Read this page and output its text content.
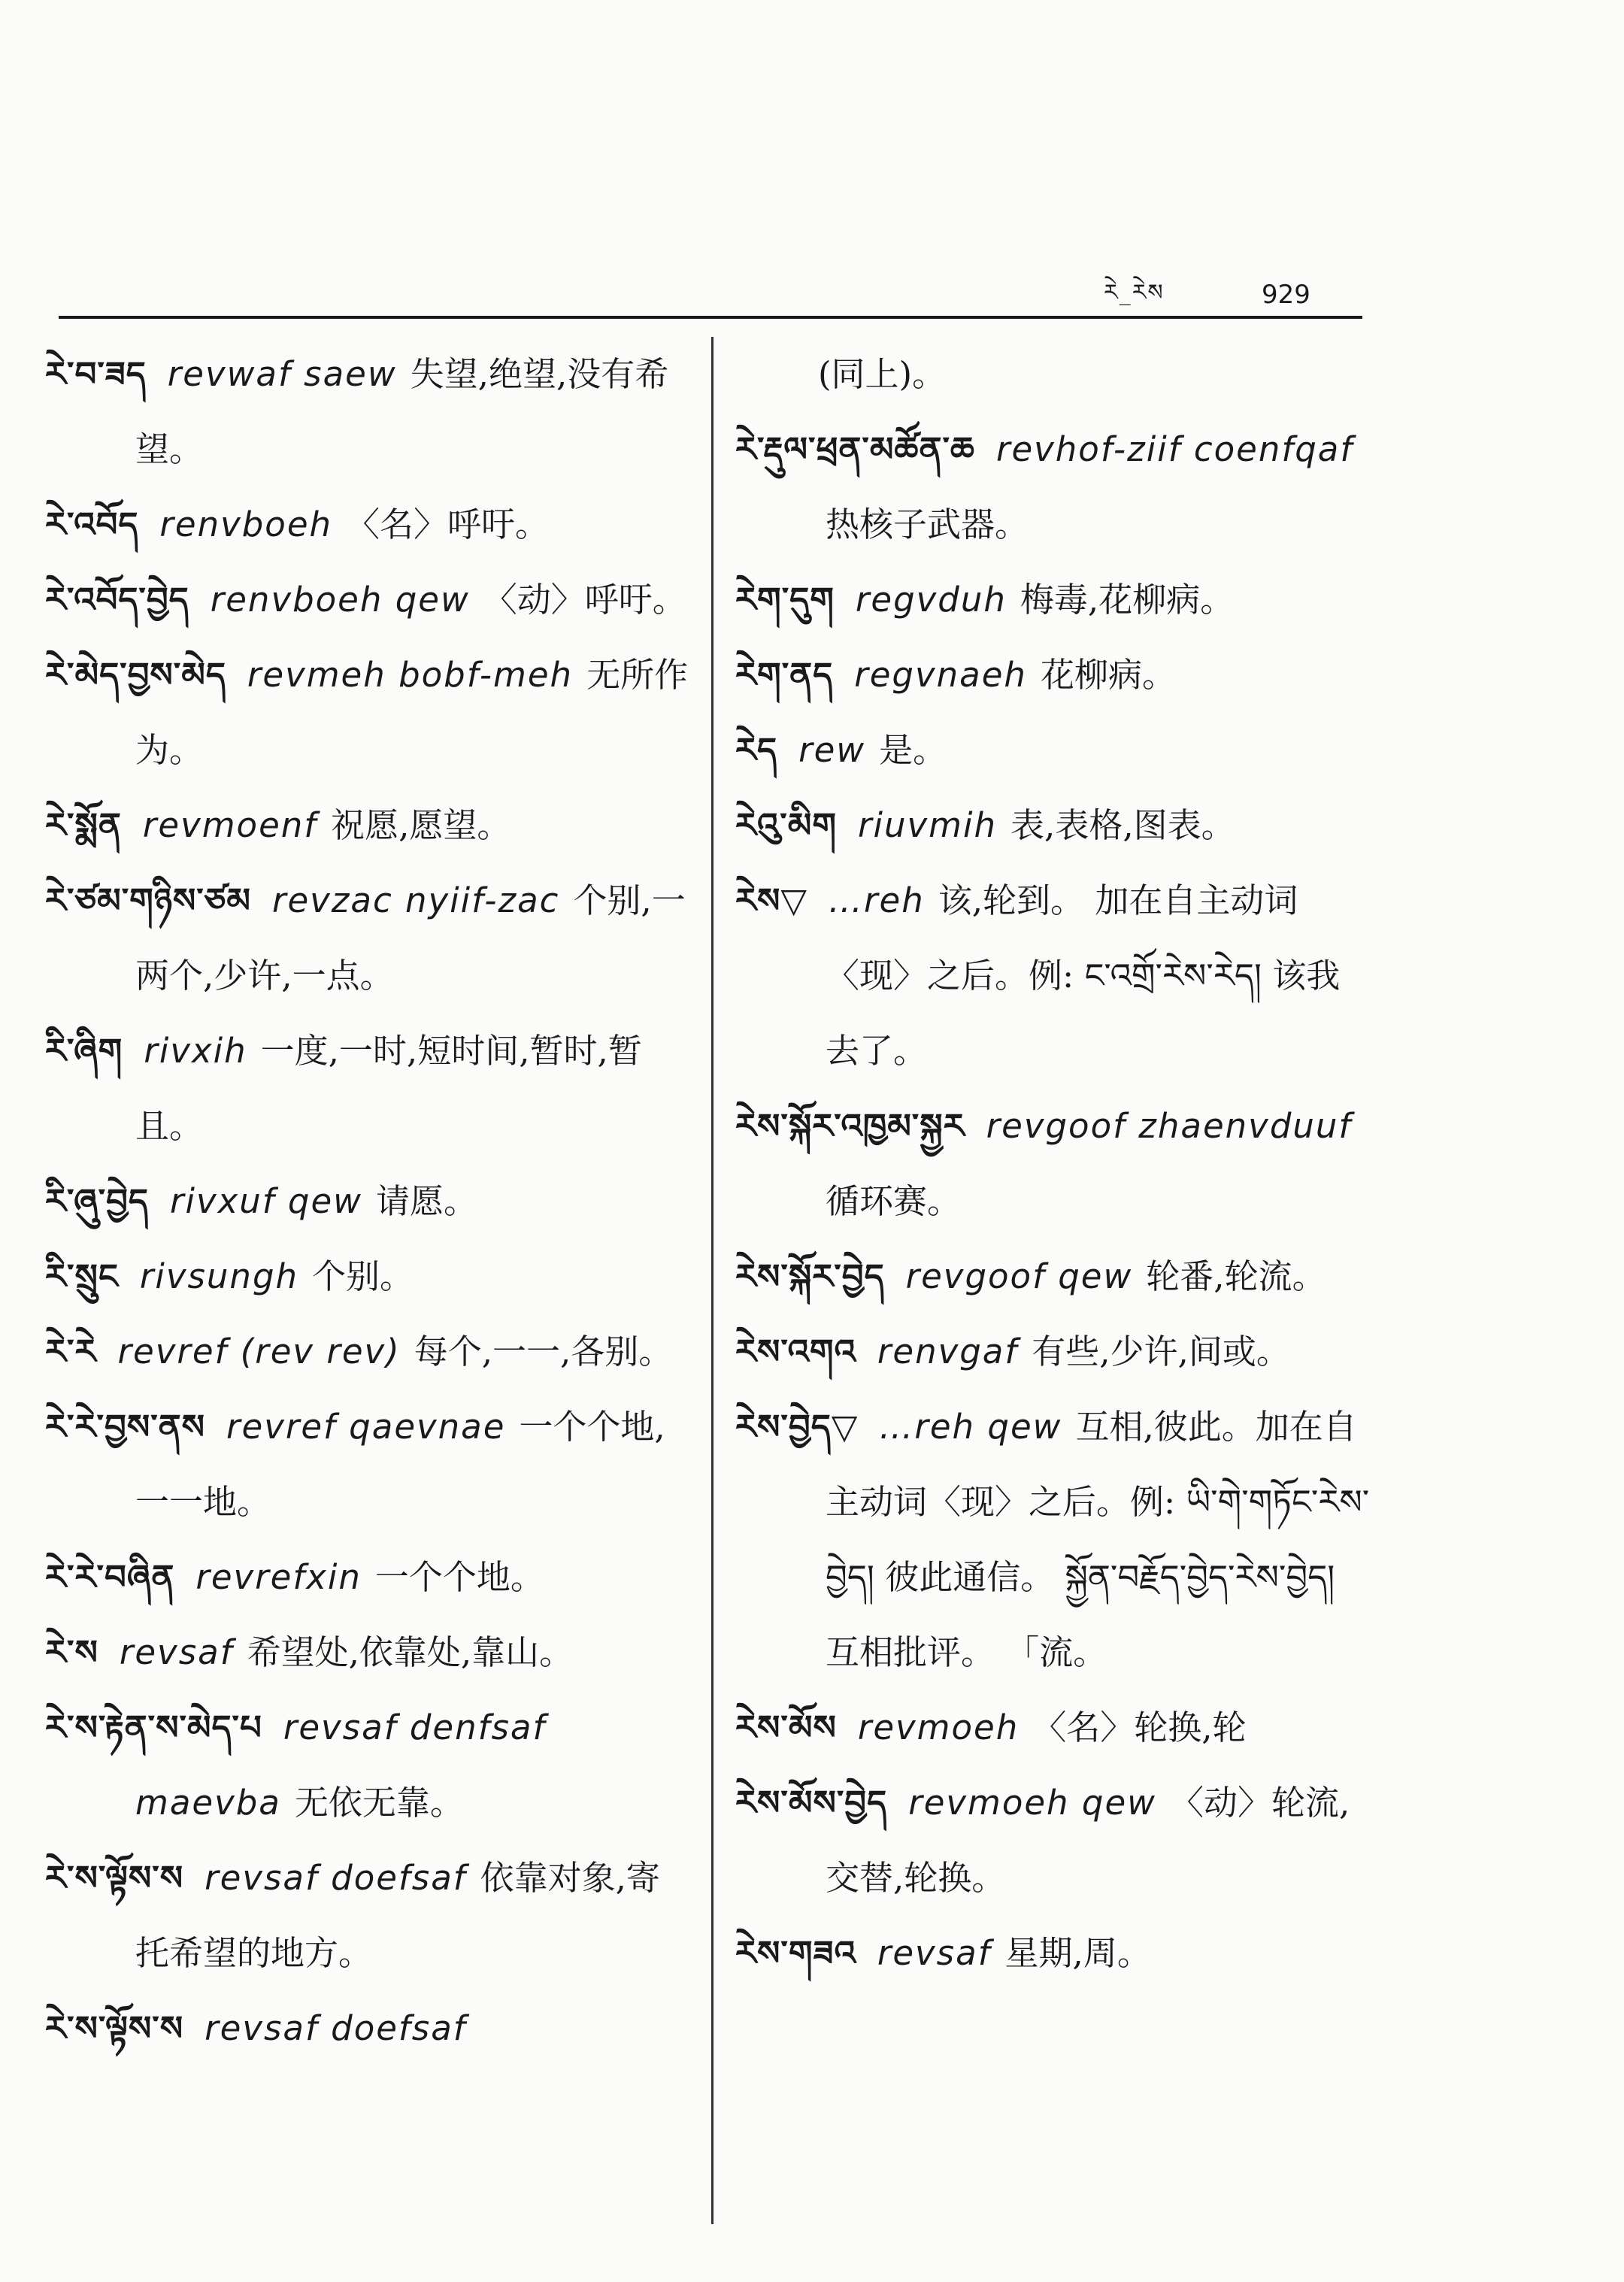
རེ_རེས	929

རེ་བ་ཟད revwaf saew 失望,绝望,没有希望。

རེ་འབོད renvboeh 〈名〉呼吁。

རེ་འབོད་བྱེད renvboeh qew 〈动〉呼吁。

རེ་མེད་བྱས་མེད revmeh bobf-meh 无所作为。

རེ་སྨོན revmoenf 祝愿,愿望。

རེ་ཙམ་གཉིས་ཙམ revzac nyiif-zac 个别,一两个,少许,一点。

རི་ཞིག rivxih 一度,一时,短时间,暂时,暂且。

རི་ཞུ་བྱེད rivxuf qew 请愿。

རི་སྲུང rivsungh 个别。

རེ་རེ revref (rev rev) 每个,一一,各别。

རེ་རེ་བྱས་ནས revref qaevnae 一个个地,一一地。

རེ་རེ་བཞིན revrefxin 一个个地。

རེ་ས revsaf 希望处,依靠处,靠山。

རེ་ས་རྟེན་ས་མེད་པ revsaf denfsaf maevba 无依无靠。

རེ་ས་ལྟོས་ས revsaf doefsaf 依靠对象,寄托希望的地方。

རེ་ས་ལྟོས་ས revsaf doefsaf

(同上)。

རེ་རྡུལ་ཕྲན་མཚོན་ཆ revhof-ziif coenfqaf热核子武器。

རེག་དུག regvduh 梅毒,花柳病。

རེག་ནད regvnaeh 花柳病。

རེད rew 是。

རེའུ་མིག riuvmih 表,表格,图表。

རེས▽ …reh 该,轮到。 加在自主动词〈现〉之后。例: ང་འགྲོ་རེས་རེད། 该我去了。

རེས་སྐོར་འཁྱམ་སྐྱར revgoof zhaenvduuf循环赛。

རེས་སྐོར་བྱེད revgoof qew 轮番,轮流。

རེས་འགའ renvgaf 有些,少许,间或。

རེས་བྱེད▽ …reh qew 互相,彼此。加在自主动词〈现〉之后。例: ཡི་གེ་གཏོང་རེས་བྱེད། 彼此通信。 སྐྱོན་བརྗོད་བྱེད་རེས་བྱེད། 互相批评。 「流。

རེས་མོས revmoeh 〈名〉轮换,轮

རེས་མོས་བྱེད revmoeh qew 〈动〉轮流,交替,轮换。

རེས་གཟའ revsaf 星期,周。
